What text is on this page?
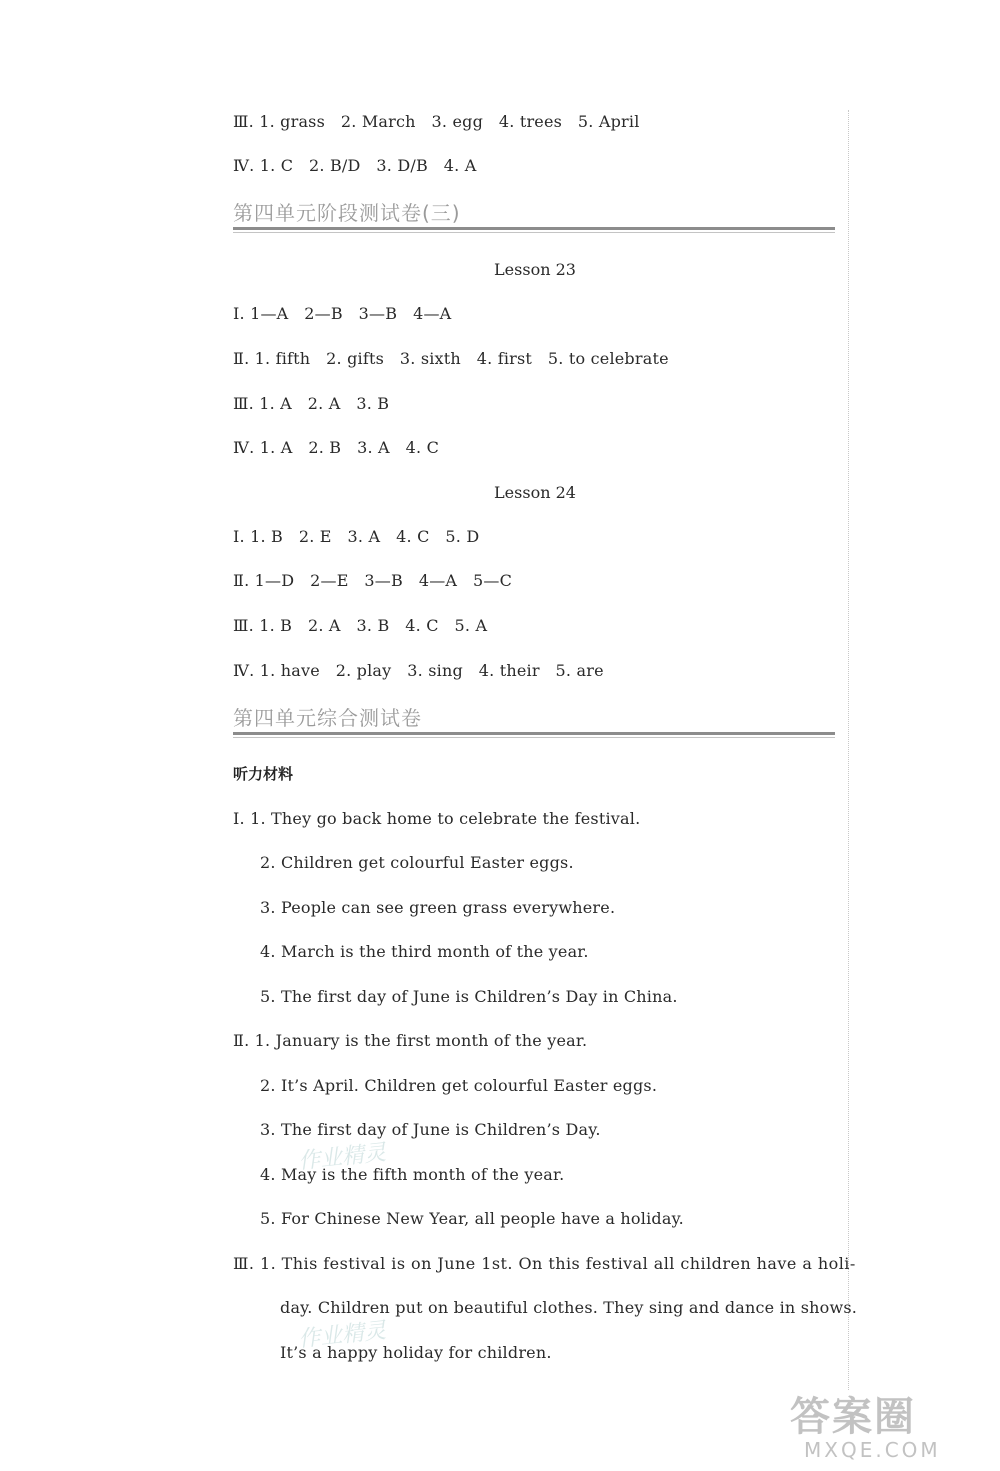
Ⅲ. 1. grass   2. March   3. egg   4. trees   5. April
Ⅳ. 1. C   2. B/D   3. D/B   4. A
第四单元阶段测试卷(三)
Lesson 23
Ⅰ. 1—A   2—B   3—B   4—A
Ⅱ. 1. fifth   2. gifts   3. sixth   4. first   5. to celebrate
Ⅲ. 1. A   2. A   3. B
Ⅳ. 1. A   2. B   3. A   4. C
Lesson 24
Ⅰ. 1. B   2. E   3. A   4. C   5. D
Ⅱ. 1—D   2—E   3—B   4—A   5—C
Ⅲ. 1. B   2. A   3. B   4. C   5. A
Ⅳ. 1. have   2. play   3. sing   4. their   5. are
第四单元综合测试卷
听力材料
Ⅰ. 1. They go back home to celebrate the festival.
2. Children get colourful Easter eggs.
3. People can see green grass everywhere.
4. March is the third month of the year.
5. The first day of June is Children’s Day in China.
Ⅱ. 1. January is the first month of the year.
2. It’s April. Children get colourful Easter eggs.
3. The first day of June is Children’s Day.
4. May is the fifth month of the year.
5. For Chinese New Year, all people have a holiday.
Ⅲ. 1. This festival is on June 1st. On this festival all children have a holi-
day. Children put on beautiful clothes. They sing and dance in shows.
It’s a happy holiday for children.
作业精灵
作业精灵
答案圈
MXQE.COM
